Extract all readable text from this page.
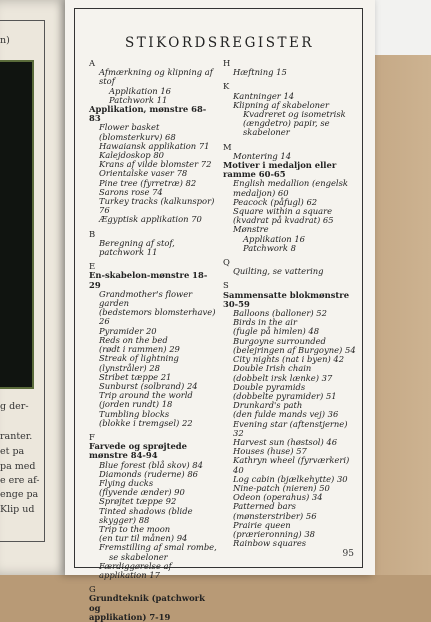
n)
g der-
ranter.
et pa
pa med
e ere af-
enge pa
Klip ud
STIKORDSREGISTER
A
Afmærkning og klipning af stof
Applikation 16
Patchwork 11
Applikation, mønstre 68-83
Flower basket (blomsterkurv) 68
Hawaiansk applikation 71
Kalejdoskop 80
Krans af vilde blomster 72
Orientalske vaser 78
Pine tree (fyrretræ) 82
Sarons rose 74
Turkey tracks (kalkunspor) 76
Ægyptisk applikation 70
B
Beregning af stof, patchwork 11
E
En-skabelon-mønstre 18-29
Grandmother's flower garden
(bedstemors blomsterhave) 26
Pyramider 20
Reds on the bed
(rødt i rammen) 29
Streak of lightning
(lynstråler) 28
Stribet tæppe 21
Sunburst (solbrand) 24
Trip around the world
(jorden rundt) 18
Tumbling blocks
(blokke i tremgsel) 22
F
Farvede og sprøjtede
mønstre 84-94
Blue forest (blå skov) 84
Diamonds (ruderne) 86
Flying ducks
(flyvende ænder) 90
Sprøjtet tæppe 92
Tinted shadows (blide skygger) 88
Trip to the moon
(en tur til månen) 94
Fremstilling af smal rombe,
se skabeloner
Færdiggørelse af applikation 17
G
Grundteknik (patchwork og
applikation) 7-19
H
Hæftning 15
K
Kantninger 14
Klipning af skabeloner
Kvadreret og isometrisk
(ængdetro) papir, se skabeloner
M
Montering 14
Motiver i medaljon eller
ramme 60-65
English medallion (engelsk
medaljon) 60
Peacock (påfugl) 62
Square within a square
(kvadrat på kvadrat) 65
Mønstre
Applikation 16
Patchwork 8
Q
Quilting, se vattering
S
Sammensatte blokmønstre
30-59
Balloons (balloner) 52
Birds in the air
(fugle på himlen) 48
Burgoyne surrounded
(belejringen af Burgoyne) 54
City nights (nat i byen) 42
Double Irish chain
(dobbelt irsk lænke) 37
Double pyramids
(dobbelte pyramider) 51
Drunkard's path
(den fulde mands vej) 36
Evening star (aftenstjerne) 32
Harvest sun (høstsol) 46
Houses (huse) 57
Kathryn wheel (fyrværkeri) 40
Log cabin (bjælkehytte) 30
Nine-patch (nieren) 50
Odeon (operahus) 34
Patterned bars
(mønsterstriber) 56
Prairie queen
(prærieronning) 38
Rainbow squares
95
